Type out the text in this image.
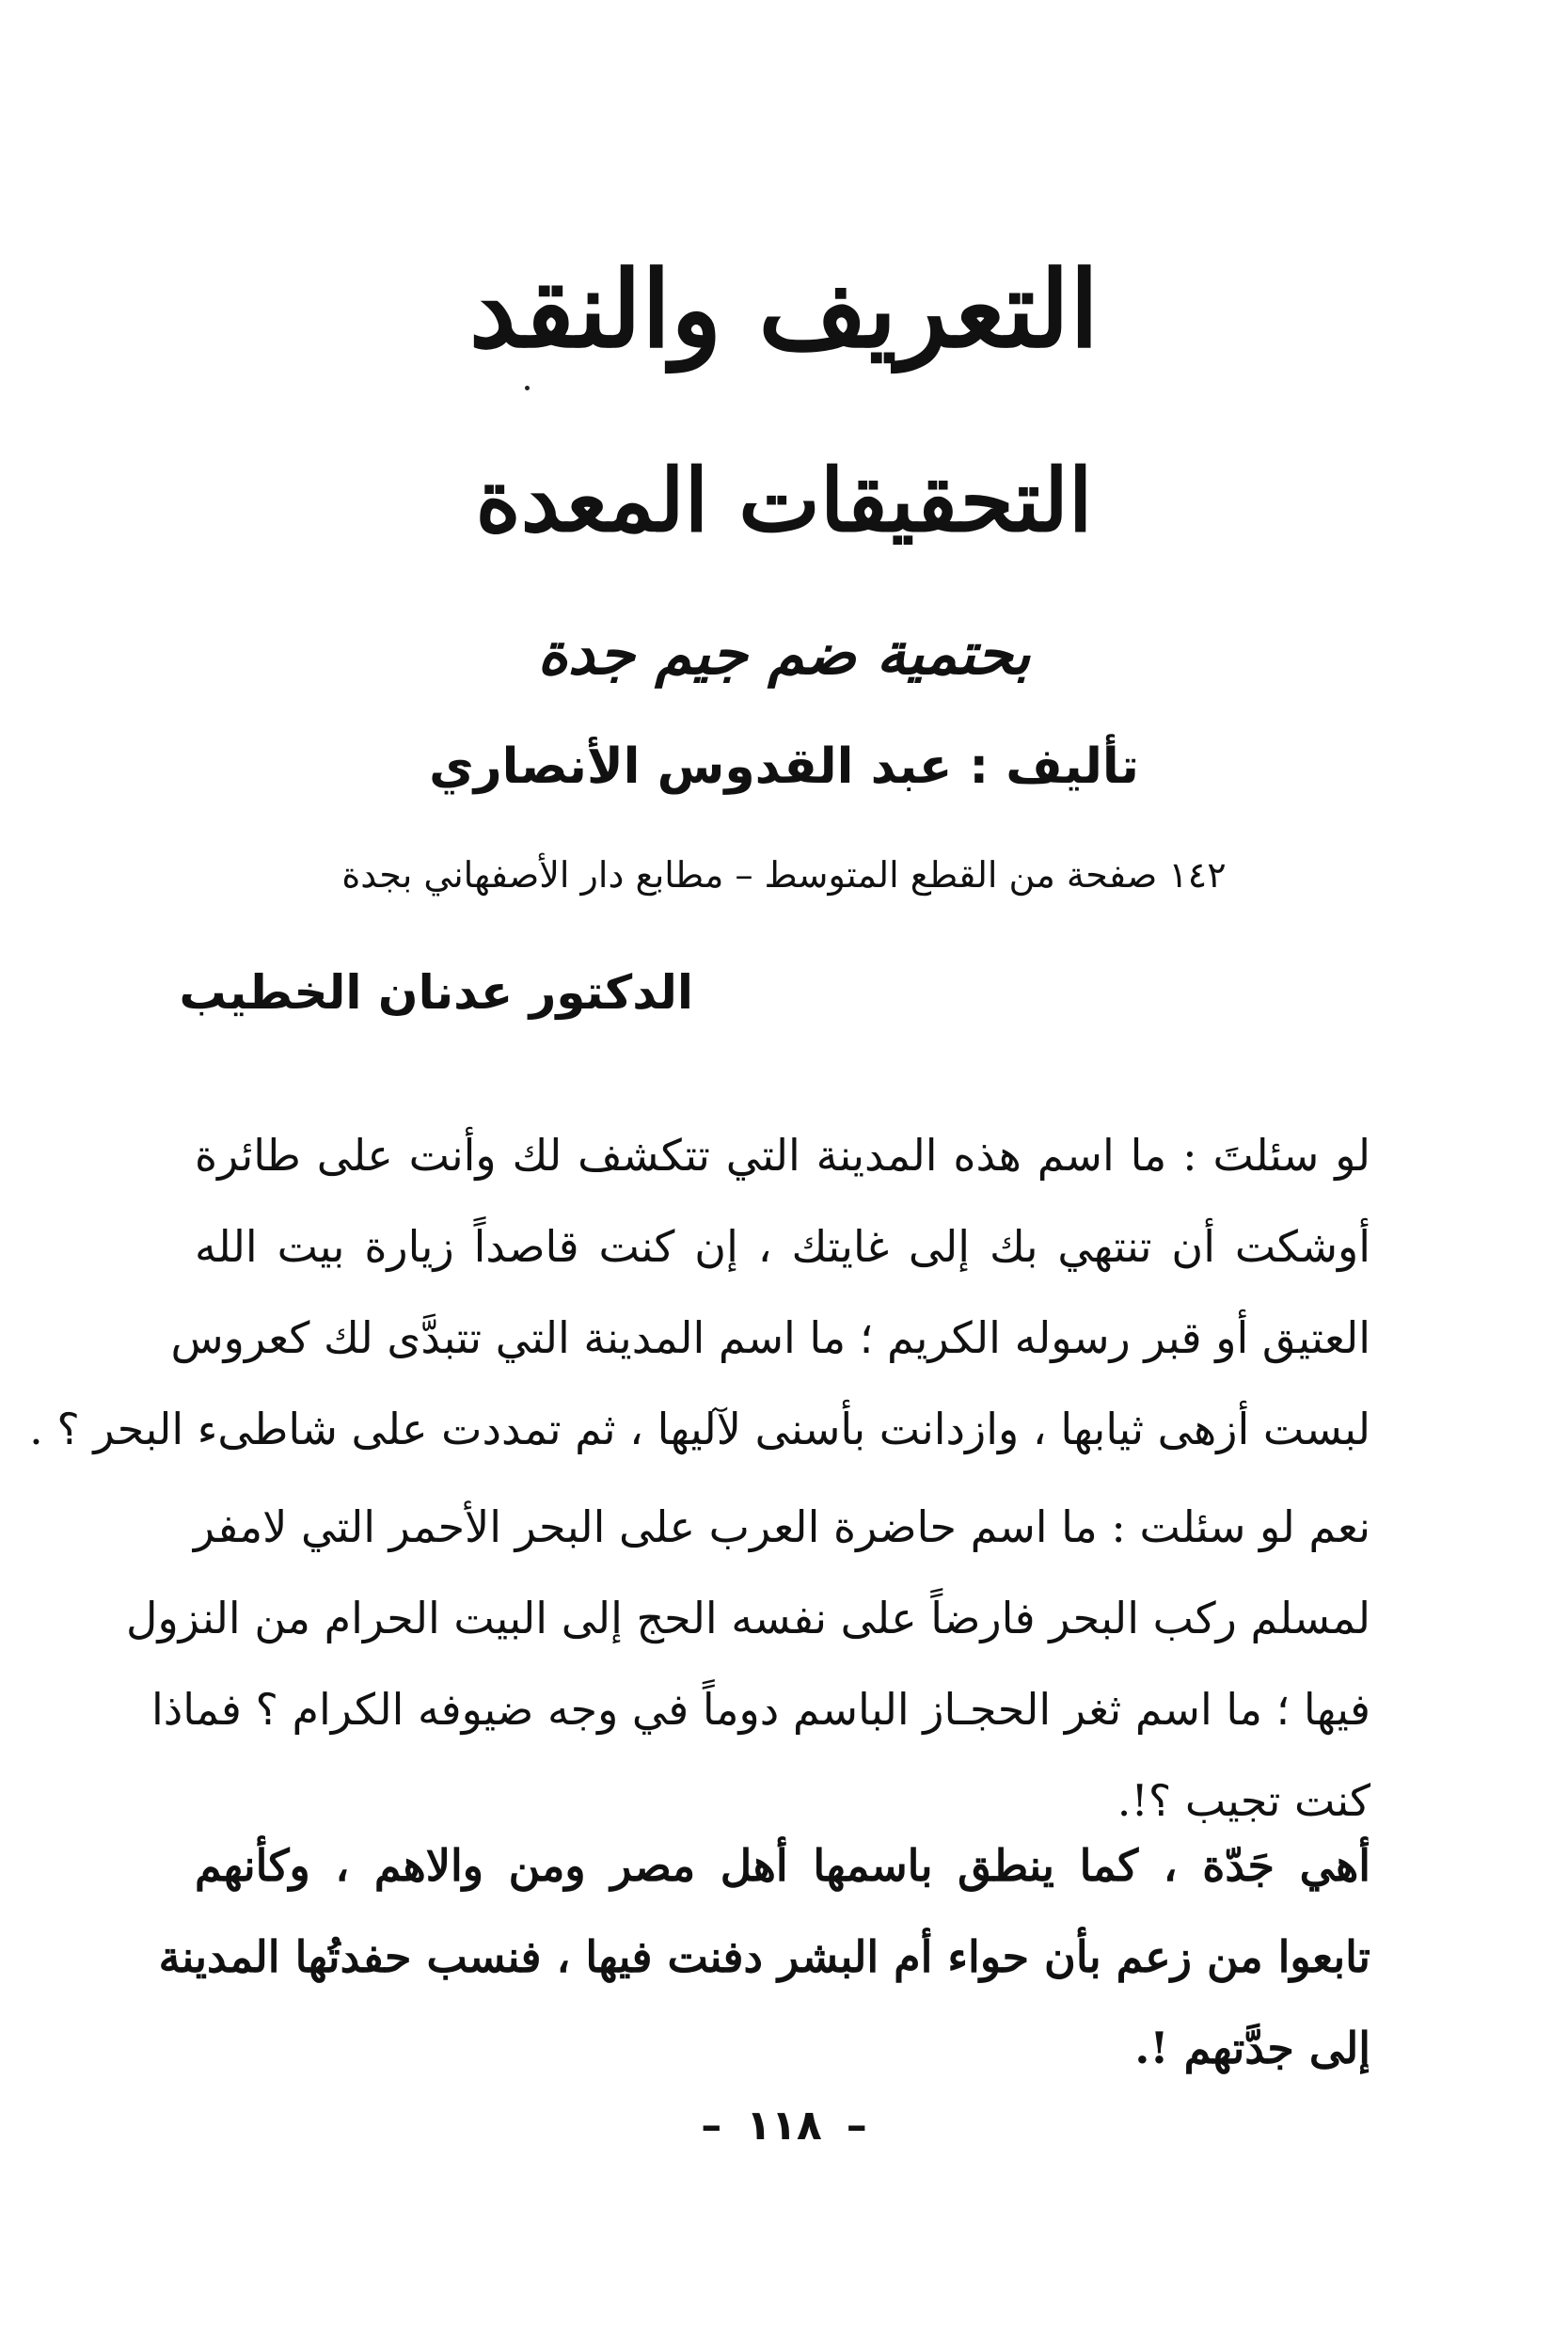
التعريف والنقد
التحقيقات المعدة
بحتمية ضم جيم جدة
تأليف:عبد القدوس الأنصاري
١٤٢ صفحة من القطع المتوسط – مطابع دار الأصفهاني بجدة
الدكتور عدنان الخطيب
لو سئلتَ : ما اسم هذه المدينة التي تتكشف لك وأنت على طائرة
أوشكت أن تنتهي بك إلى غايتك ، إن كنت قاصداً زيارة بيت الله
العتيق أو قبر رسوله الكريم ؛ ما اسم المدينة التي تتبدَّى لك كعروس
لبست أزهى ثيابها ، وازدانت بأسنى لآليها ، ثم تمددت على شاطىء البحر ؟ .
نعم لو سئلت : ما اسم حاضرة العرب على البحر الأحمر التي لامفر
لمسلم ركب البحر فارضاً على نفسه الحج إلى البيت الحرام من النزول
فيها ؛ ما اسم ثغر الحجـاز الباسم دوماً في وجه ضيوفه الكرام ؟ فماذا
كنت تجيب ؟!.
أهي جَدّة ، كما ينطق باسمها أهل مصر ومن والاهم ، وكأنهم
تابعوا من زعم بأن حواء أم البشر دفنت فيها ، فنسب حفدتُها المدينة
إلى جدَّتهم !.
–١١٨–
